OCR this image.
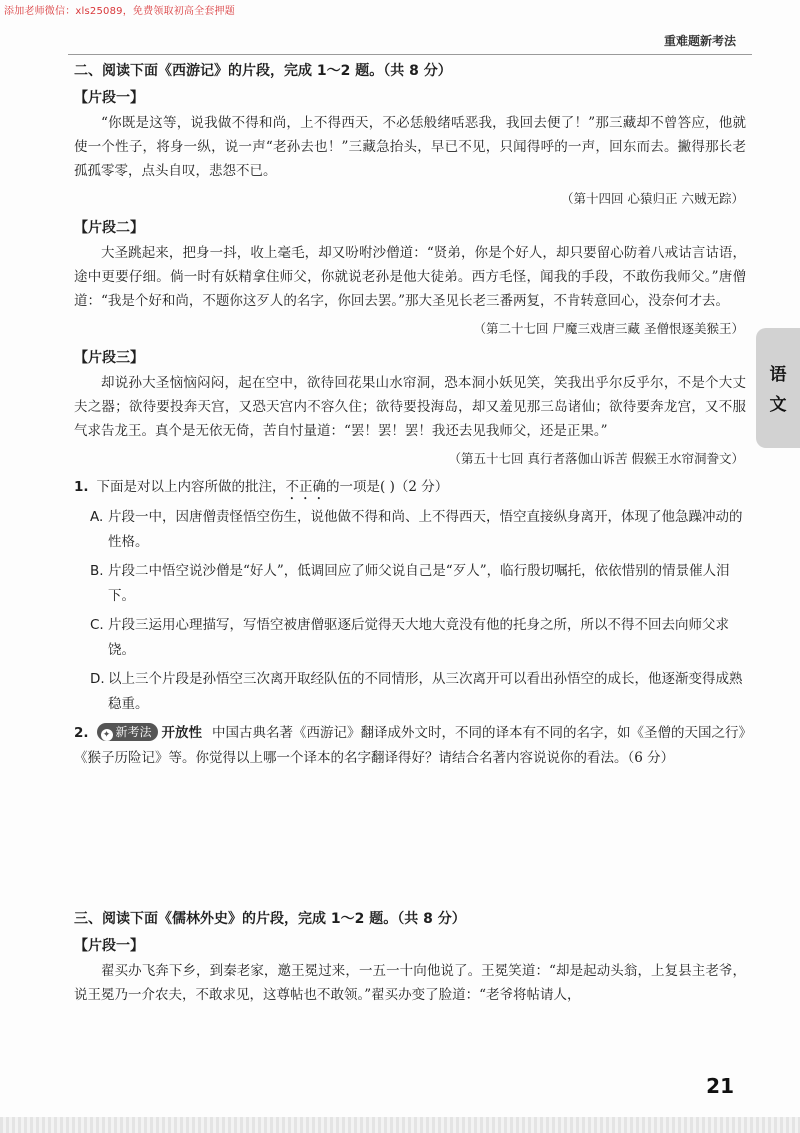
添加老师微信：xls25089，免费领取初高全套押题
重难题新考法
语
文

二、阅读下面《西游记》的片段，完成 1～2 题。（共 8 分）

【片段一】

“你既是这等，说我做不得和尚，上不得西天，不必恁般绪咶恶我，我回去便了！”那三藏却不曾答应，他就使一个性子，将身一纵，说一声“老孙去也！”三藏急抬头，早已不见，只闻得呼的一声，回东而去。撇得那长老孤孤零零，点头自叹，悲怨不已。

（第十四回 心猿归正 六贼无踪）

【片段二】

大圣跳起来，把身一抖，收上毫毛，却又吩咐沙僧道：“贤弟，你是个好人，却只要留心防着八戒诂言诂语，途中更要仔细。倘一时有妖精拿住师父，你就说老孙是他大徒弟。西方毛怪，闻我的手段，不敢伤我师父。”唐僧道：“我是个好和尚，不题你这歹人的名字，你回去罢。”那大圣见长老三番两复，不肯转意回心，没奈何才去。

（第二十七回 尸魔三戏唐三藏 圣僧恨逐美猴王）

【片段三】

却说孙大圣恼恼闷闷，起在空中，欲待回花果山水帘洞，恐本洞小妖见笑，笑我出乎尔反乎尔，不是个大丈夫之器；欲待要投奔天宫，又恐天宫内不容久住；欲待要投海岛，却又羞见那三岛诸仙；欲待要奔龙宫，又不服气求告龙王。真个是无依无倚，苦自忖量道：“罢！罢！罢！我还去见我师父，还是正果。”

（第五十七回 真行者落伽山诉苦 假猴王水帘洞誊文）

1. 下面是对以上内容所做的批注，不正确的一项是( )（2 分）

A. 片段一中，因唐僧责怪悟空伤生，说他做不得和尚、上不得西天，悟空直接纵身离开，体现了他急躁冲动的性格。

B. 片段二中悟空说沙僧是“好人”，低调回应了师父说自己是“歹人”，临行殷切嘱托，依依惜别的情景催人泪下。

C. 片段三运用心理描写，写悟空被唐僧驱逐后觉得天大地大竟没有他的托身之所，所以不得不回去向师父求饶。

D. 以上三个片段是孙悟空三次离开取经队伍的不同情形，从三次离开可以看出孙悟空的成长，他逐渐变得成熟稳重。

2. ✦ 新考法 开放性 中国古典名著《西游记》翻译成外文时，不同的译本有不同的名字，如《圣僧的天国之行》《猴子历险记》等。你觉得以上哪一个译本的名字翻译得好？请结合名著内容说说你的看法。（6 分）

三、阅读下面《儒林外史》的片段，完成 1～2 题。（共 8 分）

【片段一】

翟买办飞奔下乡，到秦老家，邀王冕过来，一五一十向他说了。王冕笑道：“却是起动头翁，上复县主老爷，说王冕乃一介农夫，不敢求见，这尊帖也不敢领。”翟买办变了脸道：“老爷将帖请人，

21
